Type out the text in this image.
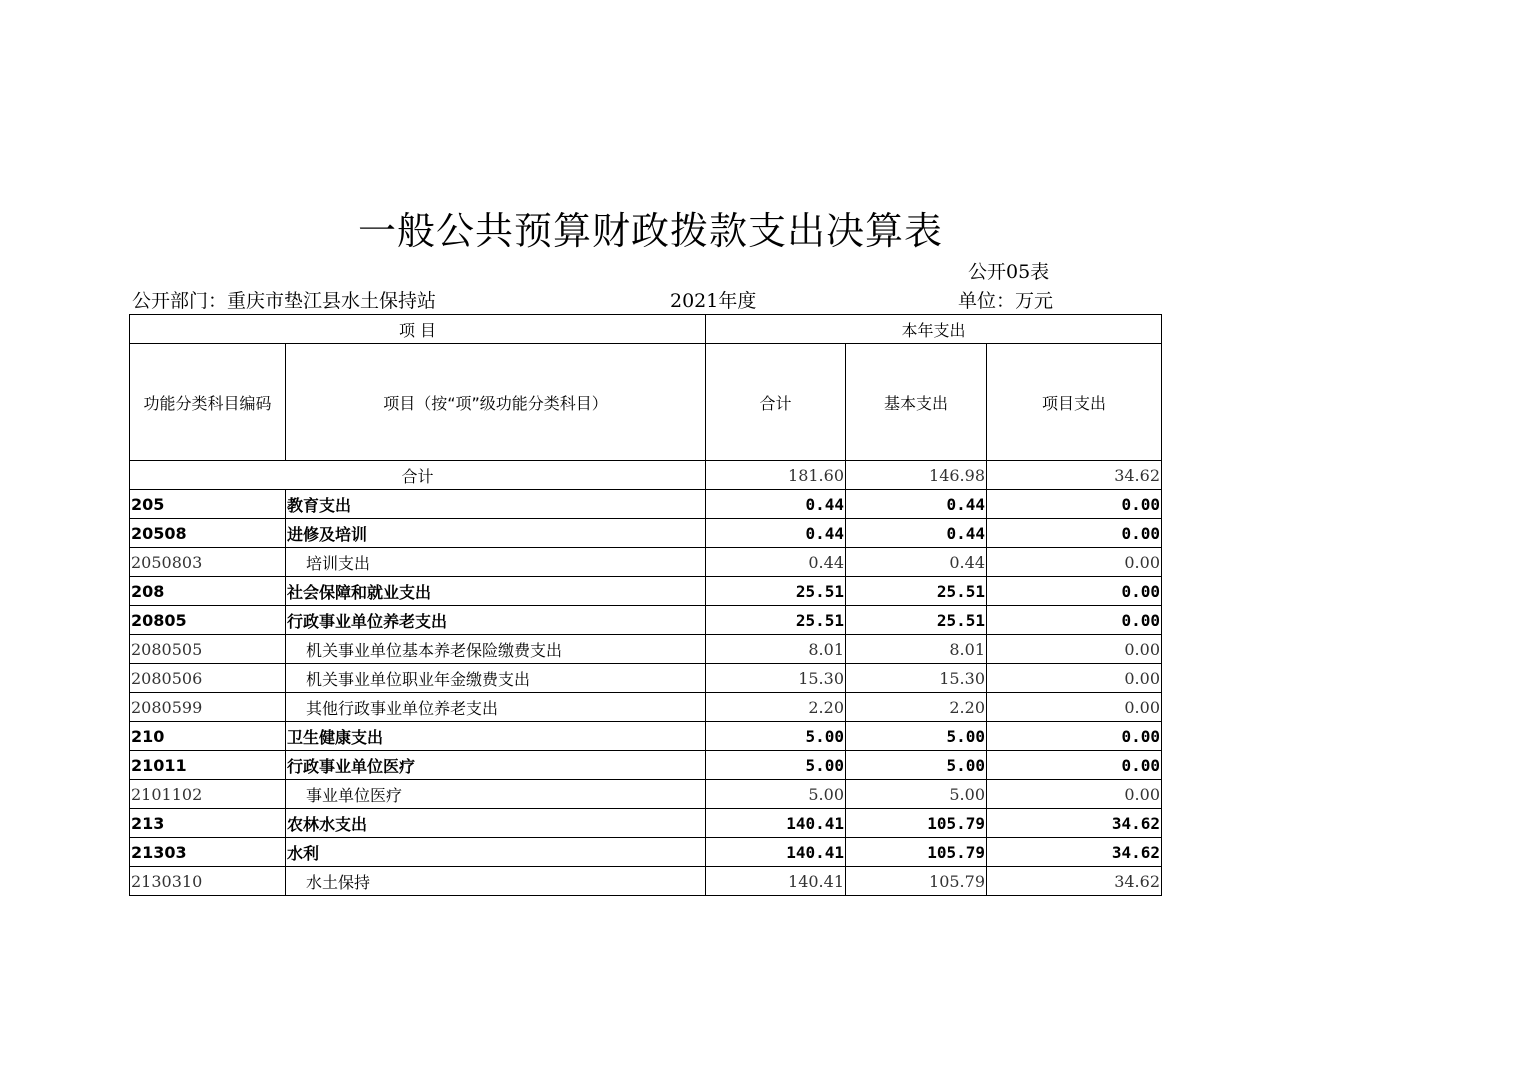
一般公共预算财政拨款支出决算表
公开05表
公开部门：重庆市垫江县水土保持站	2021年度	单位：万元
项 目		本年支出		
功能分类科目编码	项目（按“项”级功能分类科目）	合计	基本支出	项目支出
合计		181.60	146.98	34.62
205	教育支出	0.44	0.44	0.00
20508	进修及培训	0.44	0.44	0.00
2050803	培训支出	0.44	0.44	0.00
208	社会保障和就业支出	25.51	25.51	0.00
20805	行政事业单位养老支出	25.51	25.51	0.00
2080505	机关事业单位基本养老保险缴费支出	8.01	8.01	0.00
2080506	机关事业单位职业年金缴费支出	15.30	15.30	0.00
2080599	其他行政事业单位养老支出	2.20	2.20	0.00
210	卫生健康支出	5.00	5.00	0.00
21011	行政事业单位医疗	5.00	5.00	0.00
2101102	事业单位医疗	5.00	5.00	0.00
213	农林水支出	140.41	105.79	34.62
21303	水利	140.41	105.79	34.62
2130310	水土保持	140.41	105.79	34.62
